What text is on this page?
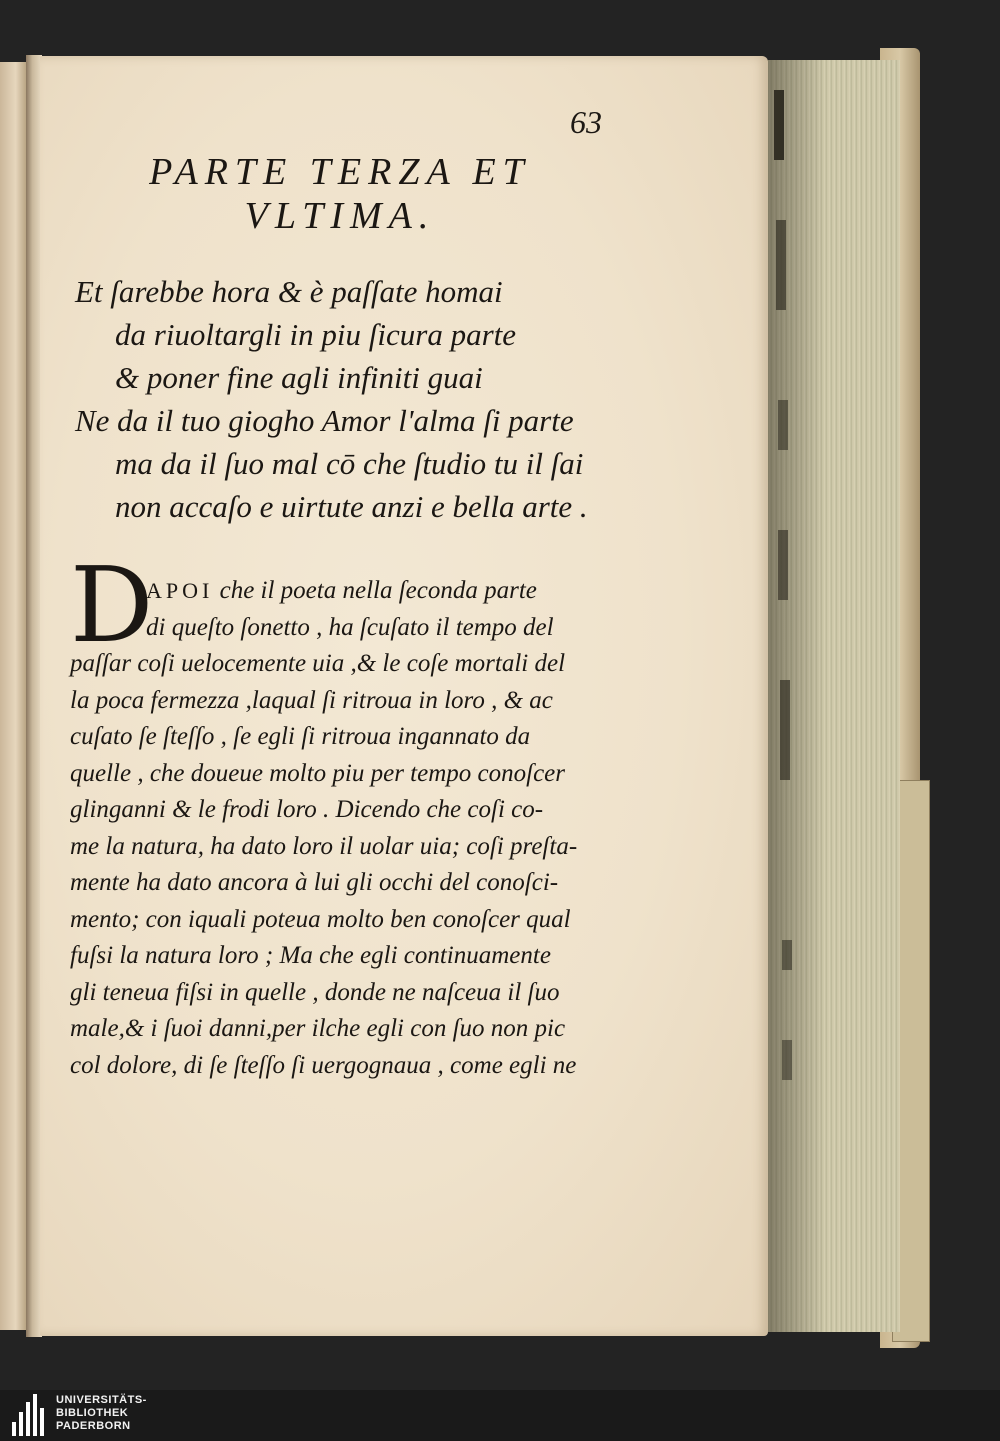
63
PARTE TERZA ET
VLTIMA.
Et ſarebbe hora & è paſſate homai
da riuoltargli in piu ſicura parte
& poner fine agli infiniti guai
Ne da il tuo giogho Amor l'alma ſi parte
ma da il ſuo mal cō che ſtudio tu il ſai
non accaſo e uirtute anzi e bella arte .
D
APOI che il poeta nella ſeconda parte
di queſto ſonetto , ha ſcuſato il tempo del
paſſar coſi uelocemente uia ,& le coſe mortali del
la poca fermezza ,laqual ſi ritroua in loro , & ac
cuſato ſe ſteſſo , ſe egli ſi ritroua ingannato da
quelle , che doueue molto piu per tempo conoſcer
glinganni & le frodi loro . Dicendo che coſi co-
me la natura, ha dato loro il uolar uia; coſi preſta-
mente ha dato ancora à lui gli occhi del conoſci-
mento; con iquali poteua molto ben conoſcer qual
fuſsi la natura loro ; Ma che egli continuamente
gli teneua fiſsi in quelle , donde ne naſceua il ſuo
male,& i ſuoi danni,per ilche egli con ſuo non pic
col dolore, di ſe ſteſſo ſi uergognaua , come egli ne
UNIVERSITÄTS-
BIBLIOTHEK
PADERBORN
